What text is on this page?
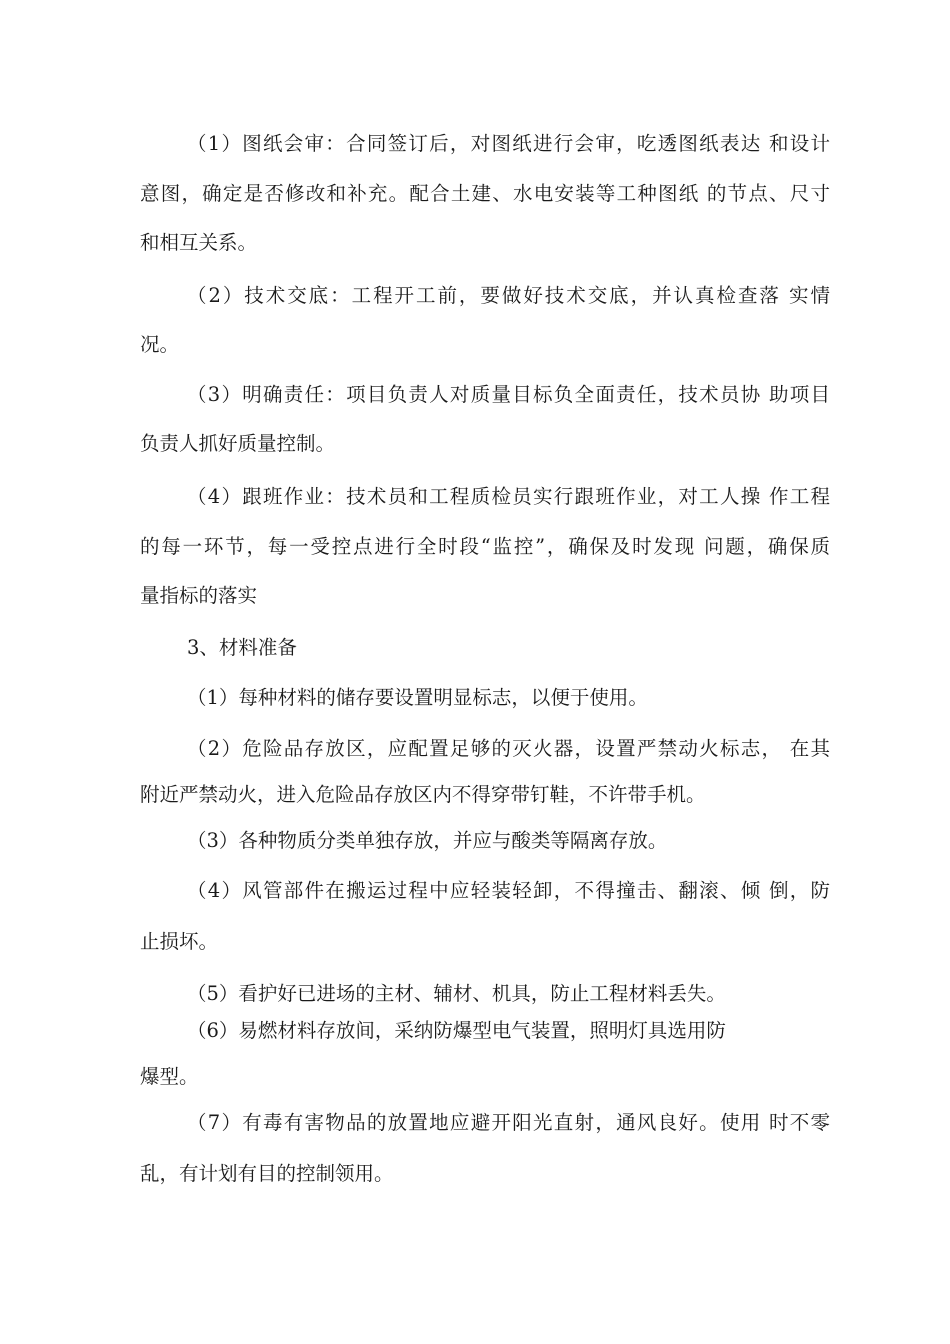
（1）图纸会审：合同签订后，对图纸进行会审，吃透图纸表达 和设计
意图，确定是否修改和补充。配合土建、水电安装等工种图纸 的节点、尺寸
和相互关系。
（2）技术交底：工程开工前，要做好技术交底，并认真检查落 实情
况。
（3）明确责任：项目负责人对质量目标负全面责任，技术员协 助项目
负责人抓好质量控制。
（4）跟班作业：技术员和工程质检员实行跟班作业，对工人操 作工程
的每一环节，每一受控点进行全时段“监控”，确保及时发现 问题，确保质
量指标的落实
3、材料准备
（1）每种材料的储存要设置明显标志，以便于使用。
（2）危险品存放区，应配置足够的灭火器，设置严禁动火标志， 在其
附近严禁动火，进入危险品存放区内不得穿带钉鞋，不许带手机。
（3）各种物质分类单独存放，并应与酸类等隔离存放。
（4）风管部件在搬运过程中应轻装轻卸，不得撞击、翻滚、倾 倒，防
止损坏。
（5）看护好已进场的主材、辅材、机具，防止工程材料丢失。
（6）易燃材料存放间，采纳防爆型电气装置，照明灯具选用防
爆型。
（7）有毒有害物品的放置地应避开阳光直射，通风良好。使用 时不零
乱，有计划有目的控制领用。
